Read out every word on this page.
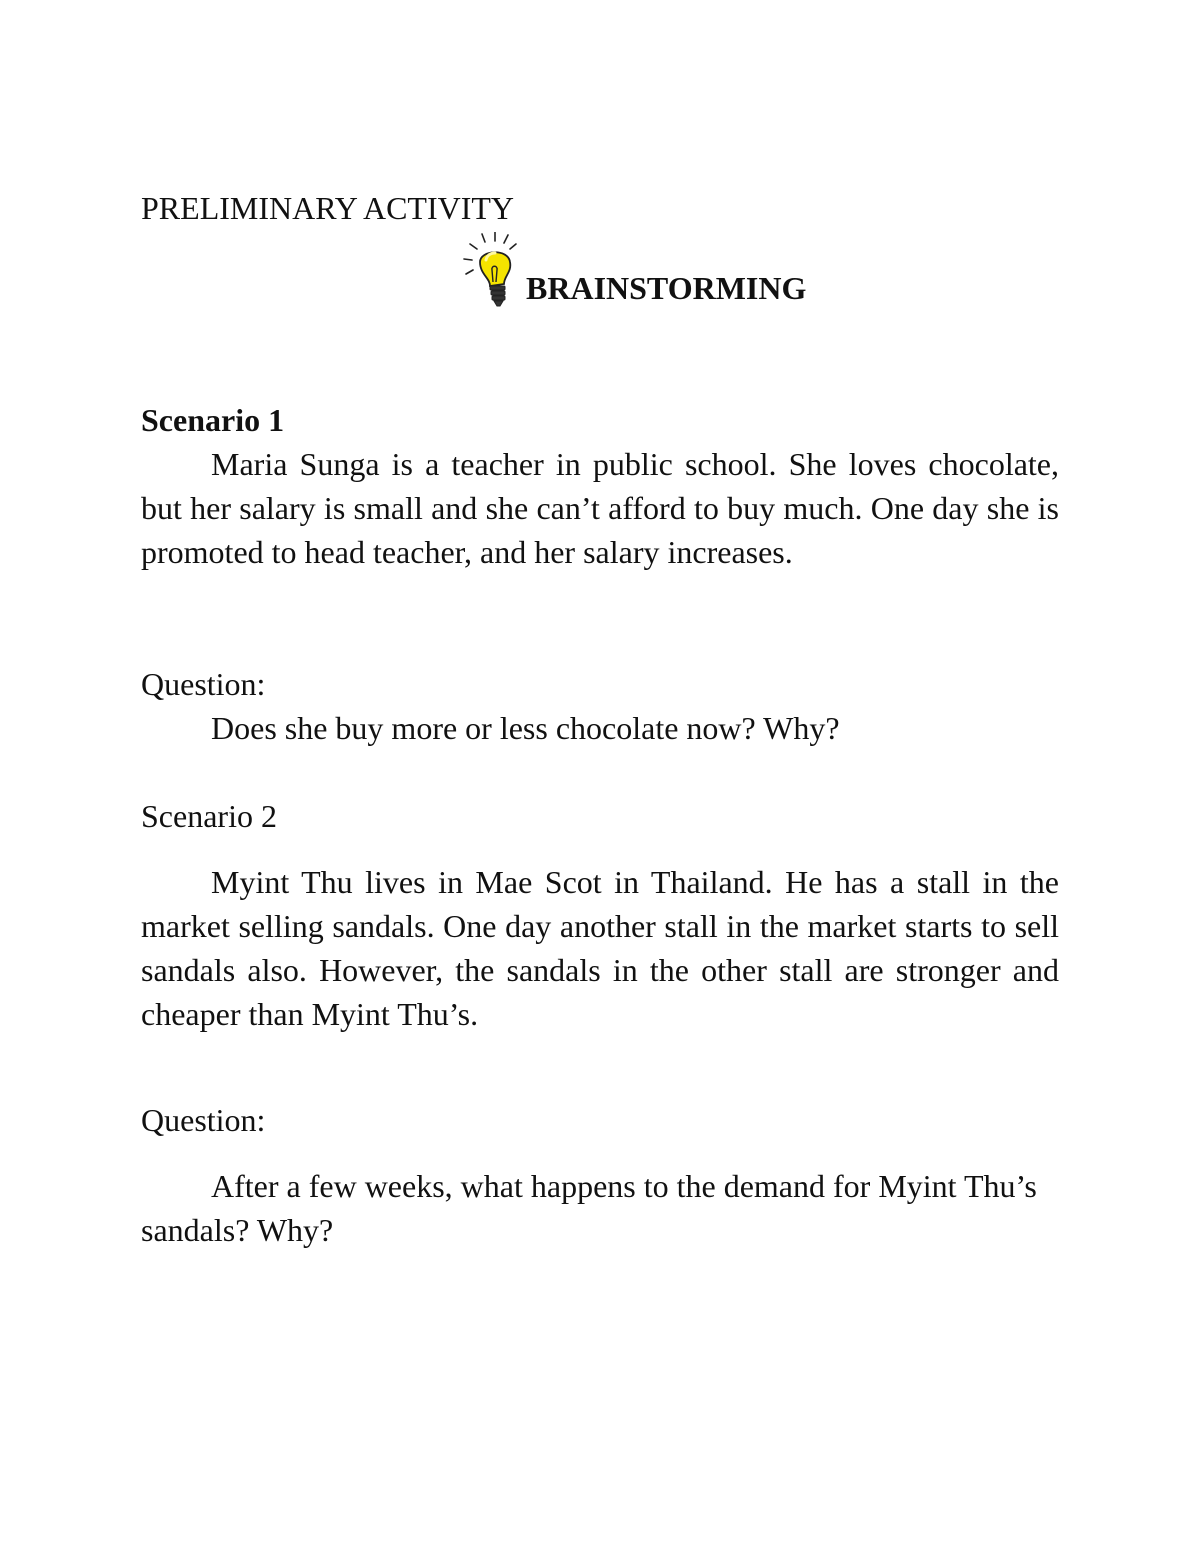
PRELIMINARY ACTIVITY

BRAINSTORMING

Scenario 1

Maria Sunga is a teacher in public school. She loves chocolate, but her salary is small and she can’t afford to buy much. One day she is promoted to head teacher, and her salary increases.

Question:

Does she buy more or less chocolate now? Why?

Scenario 2

Myint Thu lives in Mae Scot in Thailand. He has a stall in the market selling sandals. One day another stall in the market starts to sell sandals also. However, the sandals in the other stall are stronger and cheaper than Myint Thu’s.

Question:

After a few weeks, what happens to the demand for Myint Thu’s sandals? Why?
